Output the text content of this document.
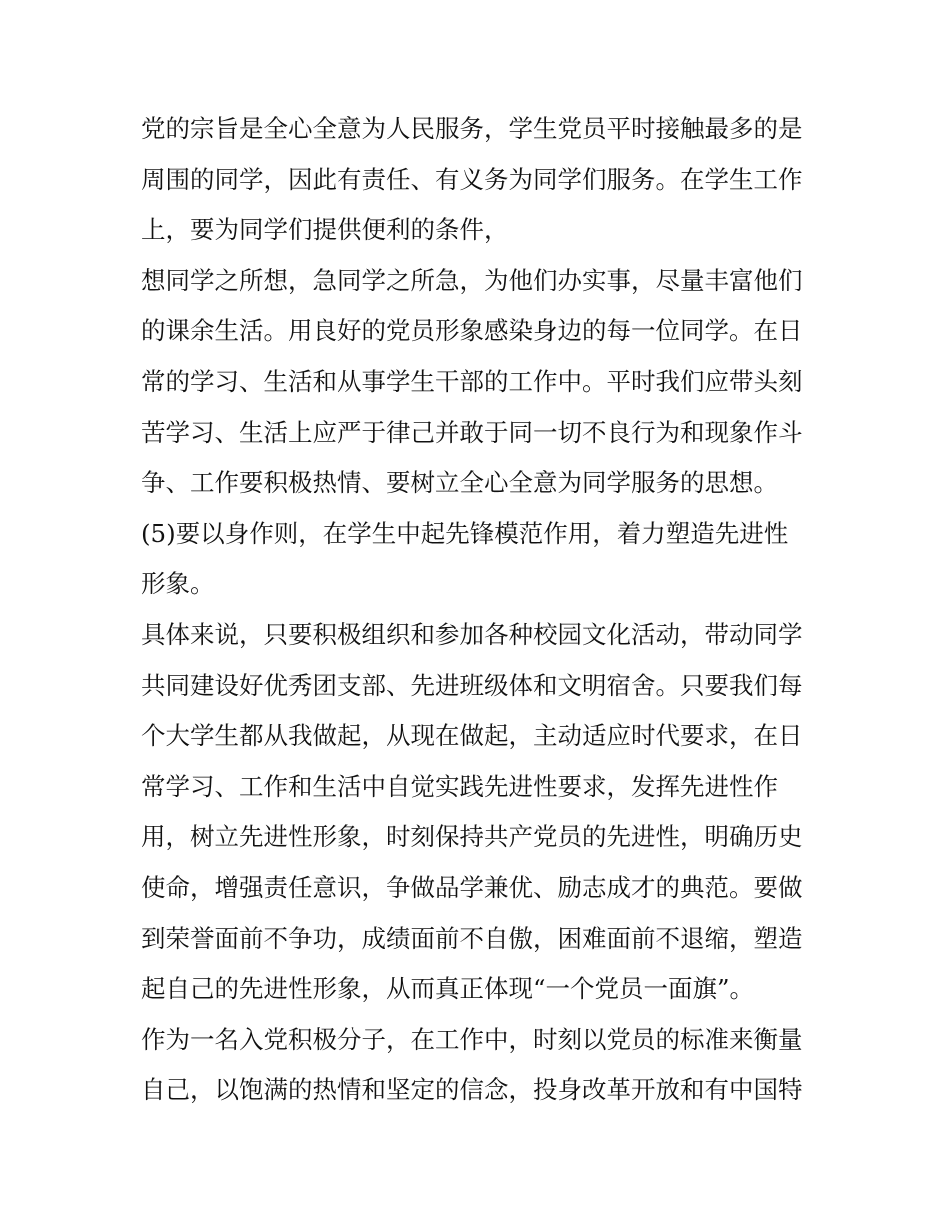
党的宗旨是全心全意为人民服务，学生党员平时接触最多的是

周围的同学，因此有责任、有义务为同学们服务。在学生工作

上，要为同学们提供便利的条件，

想同学之所想，急同学之所急，为他们办实事，尽量丰富他们

的课余生活。用良好的党员形象感染身边的每一位同学。在日

常的学习、生活和从事学生干部的工作中。平时我们应带头刻

苦学习、生活上应严于律己并敢于同一切不良行为和现象作斗

争、工作要积极热情、要树立全心全意为同学服务的思想。

(5)要以身作则，在学生中起先锋模范作用，着力塑造先进性

形象。

具体来说，只要积极组织和参加各种校园文化活动，带动同学

共同建设好优秀团支部、先进班级体和文明宿舍。只要我们每

个大学生都从我做起，从现在做起，主动适应时代要求，在日

常学习、工作和生活中自觉实践先进性要求，发挥先进性作

用，树立先进性形象，时刻保持共产党员的先进性，明确历史

使命，增强责任意识，争做品学兼优、励志成才的典范。要做

到荣誉面前不争功，成绩面前不自傲，困难面前不退缩，塑造

起自己的先进性形象，从而真正体现“一个党员一面旗”。

作为一名入党积极分子，在工作中，时刻以党员的标准来衡量

自己，以饱满的热情和坚定的信念，投身改革开放和有中国特
